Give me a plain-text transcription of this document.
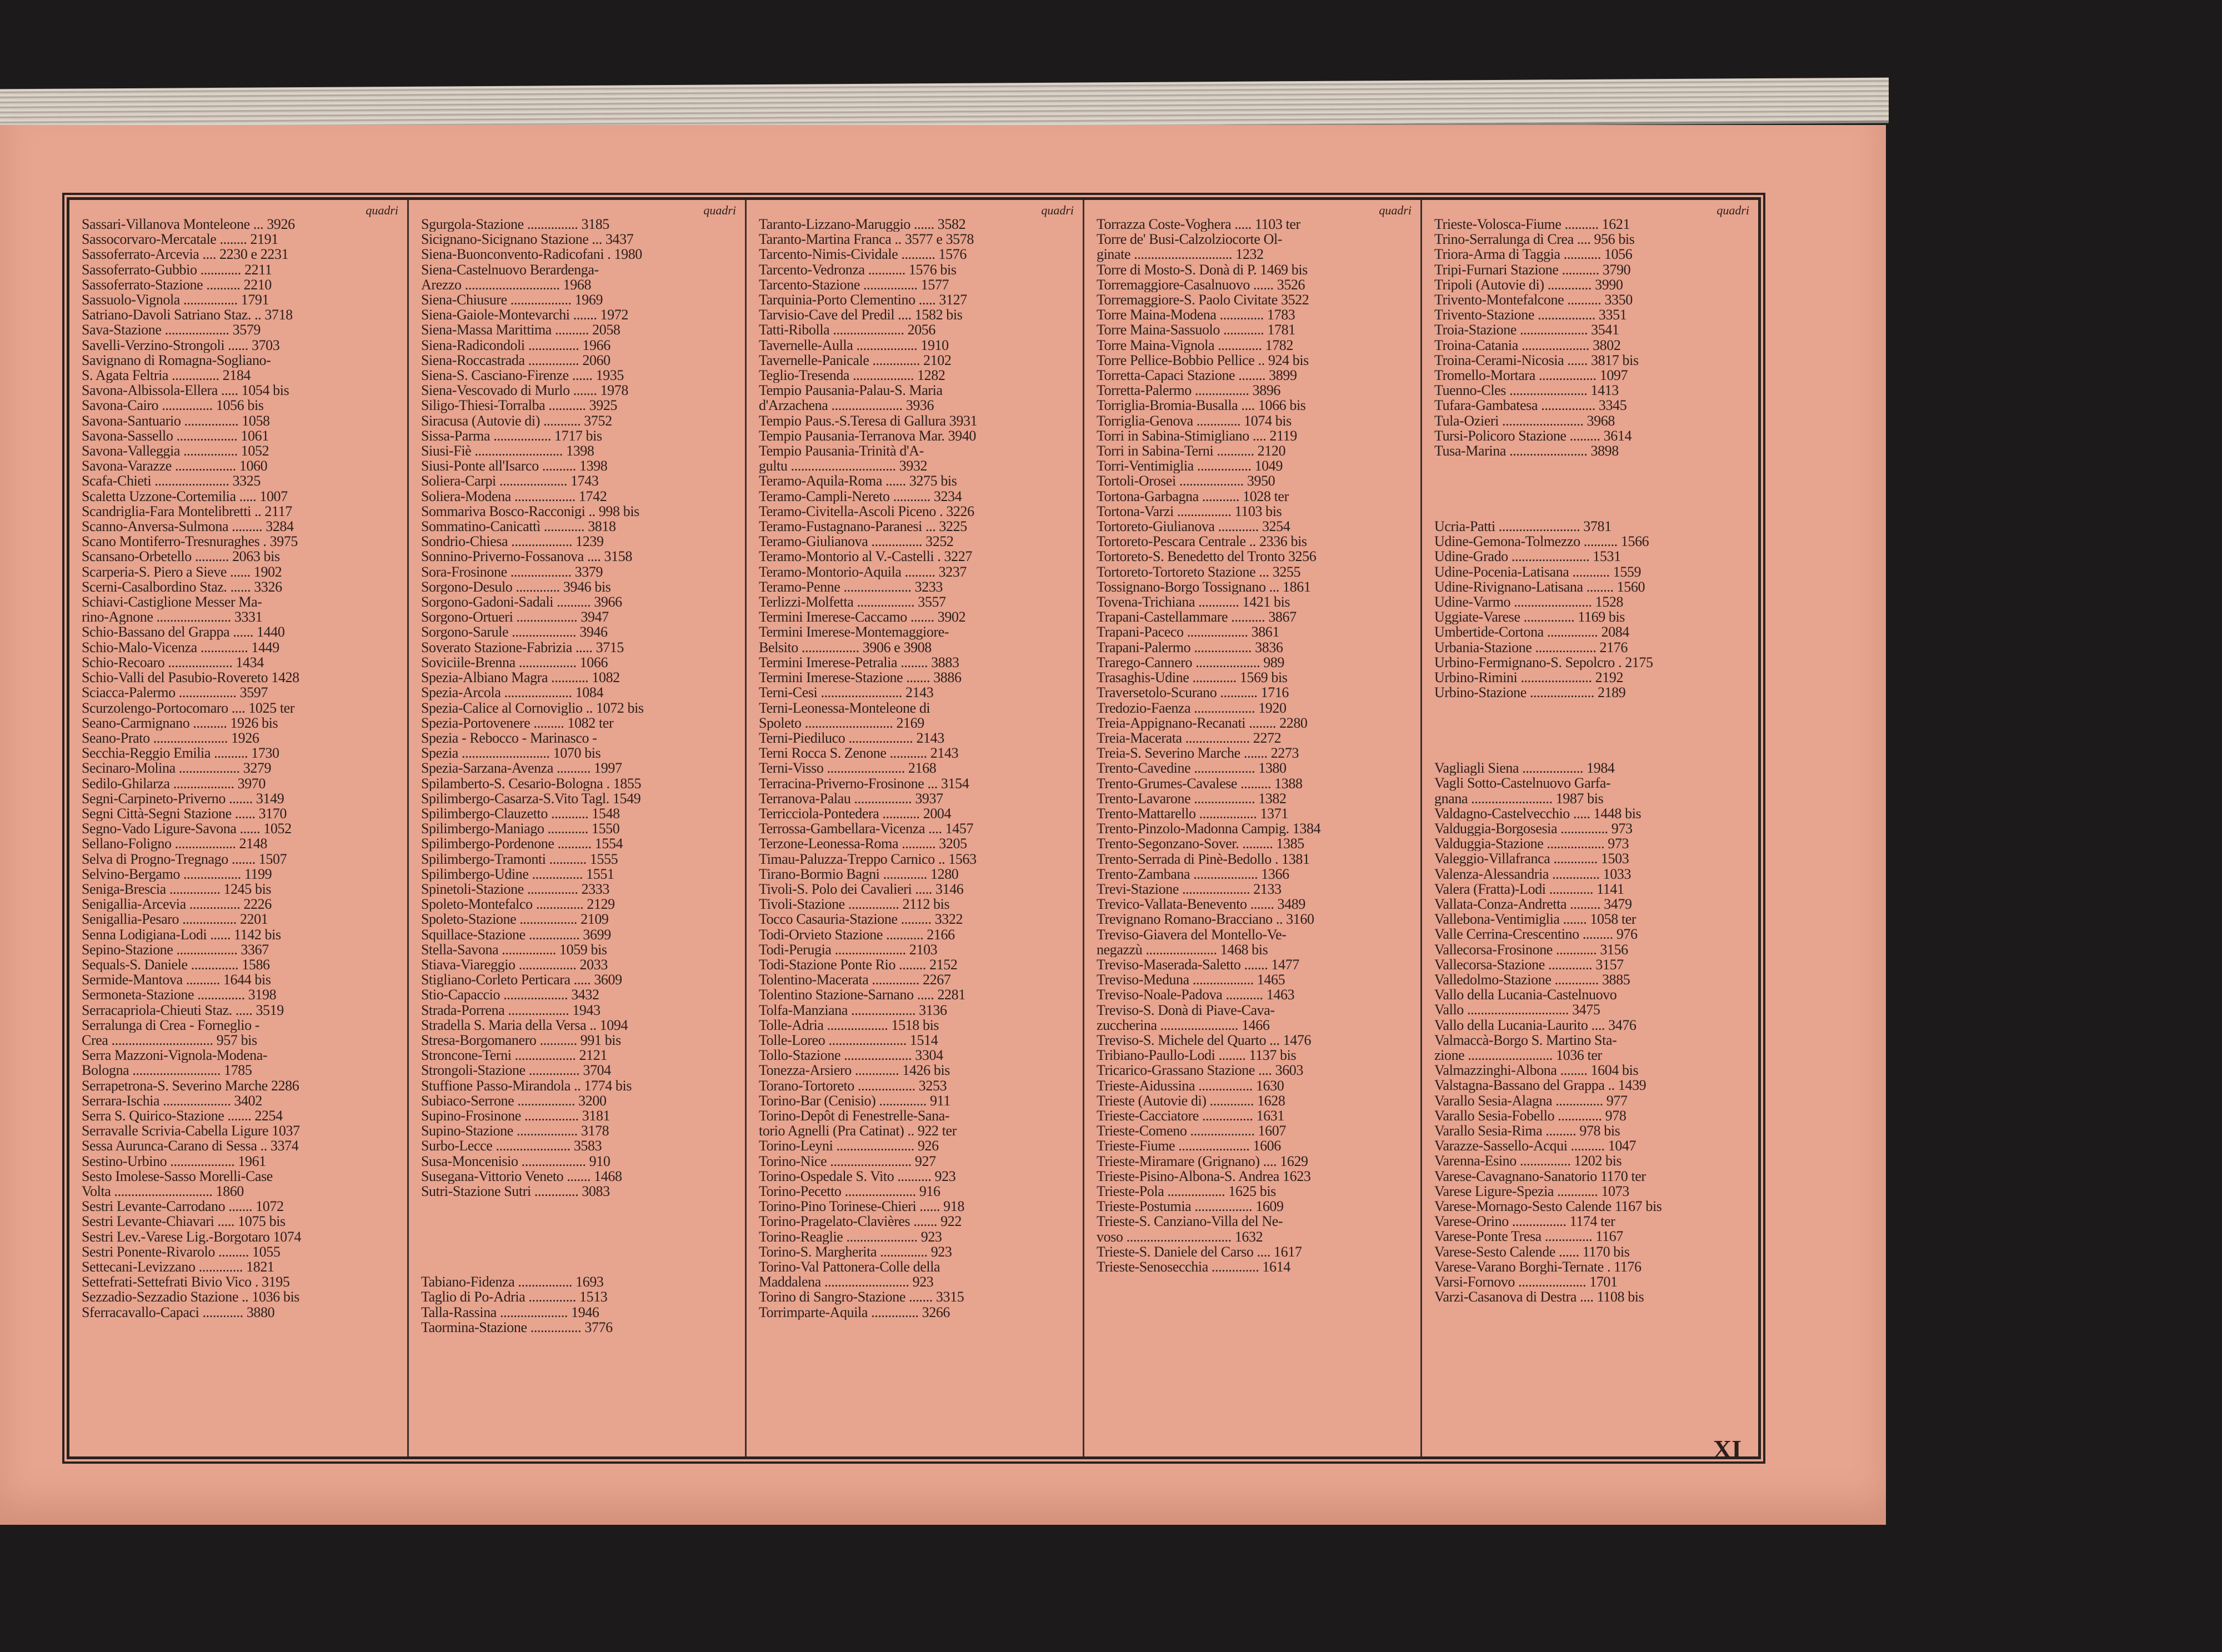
quadri
Sassari-Villanova Monteleone ... 3926
Sassocorvaro-Mercatale ........ 2191
Sassoferrato-Arcevia .... 2230 e 2231
Sassoferrato-Gubbio ............ 2211
Sassoferrato-Stazione .......... 2210
Sassuolo-Vignola ................ 1791
Satriano-Davoli Satriano Staz. .. 3718
Sava-Stazione ................... 3579
Savelli-Verzino-Strongoli ...... 3703
Savignano di Romagna-Sogliano-
S. Agata Feltria .............. 2184
Savona-Albissola-Ellera ..... 1054 bis
Savona-Cairo ............... 1056 bis
Savona-Santuario ................ 1058
Savona-Sassello .................. 1061
Savona-Valleggia ................ 1052
Savona-Varazze .................. 1060
Scafa-Chieti ...................... 3325
Scaletta Uzzone-Cortemilia ..... 1007
Scandriglia-Fara Montelibretti .. 2117
Scanno-Anversa-Sulmona ......... 3284
Scano Montiferro-Tresnuraghes . 3975
Scansano-Orbetello .......... 2063 bis
Scarperia-S. Piero a Sieve ...... 1902
Scerni-Casalbordino Staz. ...... 3326
Schiavi-Castiglione Messer Ma-
rino-Agnone ...................... 3331
Schio-Bassano del Grappa ...... 1440
Schio-Malo-Vicenza .............. 1449
Schio-Recoaro ................... 1434
Schio-Valli del Pasubio-Rovereto 1428
Sciacca-Palermo ................. 3597
Scurzolengo-Portocomaro .... 1025 ter
Seano-Carmignano .......... 1926 bis
Seano-Prato ...................... 1926
Secchia-Reggio Emilia .......... 1730
Secinaro-Molina .................. 3279
Sedilo-Ghilarza .................. 3970
Segni-Carpineto-Priverno ....... 3149
Segni Città-Segni Stazione ...... 3170
Segno-Vado Ligure-Savona ...... 1052
Sellano-Foligno .................. 2148
Selva di Progno-Tregnago ....... 1507
Selvino-Bergamo ................. 1199
Seniga-Brescia ............... 1245 bis
Senigallia-Arcevia ............... 2226
Senigallia-Pesaro ................ 2201
Senna Lodigiana-Lodi ...... 1142 bis
Sepino-Stazione .................. 3367
Sequals-S. Daniele .............. 1586
Sermide-Mantova .......... 1644 bis
Sermoneta-Stazione .............. 3198
Serracapriola-Chieuti Staz. ..... 3519
Serralunga di Crea - Forneglio -
Crea .............................. 957 bis
Serra Mazzoni-Vignola-Modena-
Bologna .......................... 1785
Serrapetrona-S. Severino Marche 2286
Serrara-Ischia .................... 3402
Serra S. Quirico-Stazione ....... 2254
Serravalle Scrivia-Cabella Ligure 1037
Sessa Aurunca-Carano di Sessa .. 3374
Sestino-Urbino ................... 1961
Sesto Imolese-Sasso Morelli-Case
Volta ............................. 1860
Sestri Levante-Carrodano ....... 1072
Sestri Levante-Chiavari ..... 1075 bis
Sestri Lev.-Varese Lig.-Borgotaro 1074
Sestri Ponente-Rivarolo ......... 1055
Settecani-Levizzano ............. 1821
Settefrati-Settefrati Bivio Vico . 3195
Sezzadio-Sezzadio Stazione .. 1036 bis
Sferracavallo-Capaci ............ 3880
quadri
Sgurgola-Stazione ............... 3185
Sicignano-Sicignano Stazione ... 3437
Siena-Buonconvento-Radicofani . 1980
Siena-Castelnuovo Berardenga-
Arezzo ............................ 1968
Siena-Chiusure .................. 1969
Siena-Gaiole-Montevarchi ....... 1972
Siena-Massa Marittima .......... 2058
Siena-Radicondoli ............... 1966
Siena-Roccastrada ............... 2060
Siena-S. Casciano-Firenze ...... 1935
Siena-Vescovado di Murlo ....... 1978
Siligo-Thiesi-Torralba ........... 3925
Siracusa (Autovie di) ........... 3752
Sissa-Parma ................. 1717 bis
Siusi-Fiè .......................... 1398
Siusi-Ponte all'Isarco .......... 1398
Soliera-Carpi .................... 1743
Soliera-Modena .................. 1742
Sommariva Bosco-Racconigi .. 998 bis
Sommatino-Canicattì ............ 3818
Sondrio-Chiesa .................. 1239
Sonnino-Priverno-Fossanova .... 3158
Sora-Frosinone .................. 3379
Sorgono-Desulo ............. 3946 bis
Sorgono-Gadoni-Sadali .......... 3966
Sorgono-Ortueri .................. 3947
Sorgono-Sarule ................... 3946
Soverato Stazione-Fabrizia ..... 3715
Soviciile-Brenna ................. 1066
Spezia-Albiano Magra ........... 1082
Spezia-Arcola .................... 1084
Spezia-Calice al Cornoviglio .. 1072 bis
Spezia-Portovenere ......... 1082 ter
Spezia - Rebocco - Marinasco -
Spezia .......................... 1070 bis
Spezia-Sarzana-Avenza .......... 1997
Spilamberto-S. Cesario-Bologna . 1855
Spilimbergo-Casarza-S.Vito Tagl. 1549
Spilimbergo-Clauzetto ........... 1548
Spilimbergo-Maniago ............ 1550
Spilimbergo-Pordenone .......... 1554
Spilimbergo-Tramonti ........... 1555
Spilimbergo-Udine ............... 1551
Spinetoli-Stazione ............... 2333
Spoleto-Montefalco .............. 2129
Spoleto-Stazione ................. 2109
Squillace-Stazione ............... 3699
Stella-Savona ................ 1059 bis
Stiava-Viareggio ................. 2033
Stigliano-Corleto Perticara ..... 3609
Stio-Capaccio ................... 3432
Strada-Porrena .................. 1943
Stradella S. Maria della Versa .. 1094
Stresa-Borgomanero ........... 991 bis
Stroncone-Terni .................. 2121
Strongoli-Stazione ............... 3704
Stuffione Passo-Mirandola .. 1774 bis
Subiaco-Serrone ................. 3200
Supino-Frosinone ................ 3181
Supino-Stazione .................. 3178
Surbo-Lecce ...................... 3583
Susa-Moncenisio ................... 910
Susegana-Vittorio Veneto ....... 1468
Sutri-Stazione Sutri ............. 3083
Tabiano-Fidenza ................ 1693
Taglio di Po-Adria .............. 1513
Talla-Rassina .................... 1946
Taormina-Stazione ............... 3776
quadri
Taranto-Lizzano-Maruggio ...... 3582
Taranto-Martina Franca .. 3577 e 3578
Tarcento-Nimis-Cividale .......... 1576
Tarcento-Vedronza ........... 1576 bis
Tarcento-Stazione ................ 1577
Tarquinia-Porto Clementino ..... 3127
Tarvisio-Cave del Predil .... 1582 bis
Tatti-Ribolla ..................... 2056
Tavernelle-Aulla .................. 1910
Tavernelle-Panicale .............. 2102
Teglio-Tresenda .................. 1282
Tempio Pausania-Palau-S. Maria
d'Arzachena ..................... 3936
Tempio Paus.-S.Teresa di Gallura 3931
Tempio Pausania-Terranova Mar. 3940
Tempio Pausania-Trinità d'A-
gultu ............................... 3932
Teramo-Aquila-Roma ...... 3275 bis
Teramo-Campli-Nereto ........... 3234
Teramo-Civitella-Ascoli Piceno . 3226
Teramo-Fustagnano-Paranesi ... 3225
Teramo-Giulianova ............... 3252
Teramo-Montorio al V.-Castelli . 3227
Teramo-Montorio-Aquila ......... 3237
Teramo-Penne .................... 3233
Terlizzi-Molfetta ................. 3557
Termini Imerese-Caccamo ....... 3902
Termini Imerese-Montemaggiore-
Belsito ................. 3906 e 3908
Termini Imerese-Petralia ........ 3883
Termini Imerese-Stazione ....... 3886
Terni-Cesi ........................ 2143
Terni-Leonessa-Monteleone di
Spoleto .......................... 2169
Terni-Piediluco ................... 2143
Terni Rocca S. Zenone ........... 2143
Terni-Visso ....................... 2168
Terracina-Priverno-Frosinone ... 3154
Terranova-Palau ................. 3937
Terricciola-Pontedera ........... 2004
Terrossa-Gambellara-Vicenza .... 1457
Terzone-Leonessa-Roma .......... 3205
Timau-Paluzza-Treppo Carnico .. 1563
Tirano-Bormio Bagni ............. 1280
Tivoli-S. Polo dei Cavalieri ..... 3146
Tivoli-Stazione ............... 2112 bis
Tocco Casauria-Stazione ......... 3322
Todi-Orvieto Stazione ........... 2166
Todi-Perugia ..................... 2103
Todi-Stazione Ponte Rio ........ 2152
Tolentino-Macerata .............. 2267
Tolentino Stazione-Sarnano ..... 2281
Tolfa-Manziana ................... 3136
Tolle-Adria .................. 1518 bis
Tolle-Loreo ....................... 1514
Tollo-Stazione .................... 3304
Tonezza-Arsiero ............. 1426 bis
Torano-Tortoreto ................. 3253
Torino-Bar (Cenisio) .............. 911
Torino-Depôt di Fenestrelle-Sana-
torio Agnelli (Pra Catinat) .. 922 ter
Torino-Leyni ....................... 926
Torino-Nice ........................ 927
Torino-Ospedale S. Vito .......... 923
Torino-Pecetto ..................... 916
Torino-Pino Torinese-Chieri ...... 918
Torino-Pragelato-Clavières ....... 922
Torino-Reaglie ..................... 923
Torino-S. Margherita .............. 923
Torino-Val Pattonera-Colle della
Maddalena ......................... 923
Torino di Sangro-Stazione ....... 3315
Torrimparte-Aquila .............. 3266
quadri
Torrazza Coste-Voghera ..... 1103 ter
Torre de' Busi-Calzolziocorte Ol-
ginate ............................. 1232
Torre di Mosto-S. Donà di P. 1469 bis
Torremaggiore-Casalnuovo ...... 3526
Torremaggiore-S. Paolo Civitate 3522
Torre Maina-Modena ............. 1783
Torre Maina-Sassuolo ............ 1781
Torre Maina-Vignola ............. 1782
Torre Pellice-Bobbio Pellice .. 924 bis
Torretta-Capaci Stazione ........ 3899
Torretta-Palermo ................ 3896
Torriglia-Bromia-Busalla .... 1066 bis
Torriglia-Genova ............. 1074 bis
Torri in Sabina-Stimigliano .... 2119
Torri in Sabina-Terni ........... 2120
Torri-Ventimiglia ................ 1049
Tortoli-Orosei ................... 3950
Tortona-Garbagna ........... 1028 ter
Tortona-Varzi ................ 1103 bis
Tortoreto-Giulianova ............ 3254
Tortoreto-Pescara Centrale .. 2336 bis
Tortoreto-S. Benedetto del Tronto 3256
Tortoreto-Tortoreto Stazione ... 3255
Tossignano-Borgo Tossignano ... 1861
Tovena-Trichiana ............ 1421 bis
Trapani-Castellammare .......... 3867
Trapani-Paceco .................. 3861
Trapani-Palermo ................. 3836
Trarego-Cannero ................... 989
Trasaghis-Udine ............. 1569 bis
Traversetolo-Scurano ........... 1716
Tredozio-Faenza .................. 1920
Treia-Appignano-Recanati ........ 2280
Treia-Macerata ................... 2272
Treia-S. Severino Marche ....... 2273
Trento-Cavedine .................. 1380
Trento-Grumes-Cavalese ......... 1388
Trento-Lavarone .................. 1382
Trento-Mattarello ................. 1371
Trento-Pinzolo-Madonna Campig. 1384
Trento-Segonzano-Sover. ......... 1385
Trento-Serrada di Pinè-Bedollo . 1381
Trento-Zambana ................... 1366
Trevi-Stazione .................... 2133
Trevico-Vallata-Benevento ....... 3489
Trevignano Romano-Bracciano .. 3160
Treviso-Giavera del Montello-Ve-
negazzù ..................... 1468 bis
Treviso-Maserada-Saletto ....... 1477
Treviso-Meduna .................. 1465
Treviso-Noale-Padova ........... 1463
Treviso-S. Donà di Piave-Cava-
zuccherina ....................... 1466
Treviso-S. Michele del Quarto ... 1476
Tribiano-Paullo-Lodi ........ 1137 bis
Tricarico-Grassano Stazione .... 3603
Trieste-Aidussina ................ 1630
Trieste (Autovie di) ............. 1628
Trieste-Cacciatore ............... 1631
Trieste-Comeno ................... 1607
Trieste-Fiume ..................... 1606
Trieste-Miramare (Grignano) .... 1629
Trieste-Pisino-Albona-S. Andrea 1623
Trieste-Pola ................. 1625 bis
Trieste-Postumia ................. 1609
Trieste-S. Canziano-Villa del Ne-
voso ............................... 1632
Trieste-S. Daniele del Carso .... 1617
Trieste-Senosecchia .............. 1614
quadri
Trieste-Volosca-Fiume .......... 1621
Trino-Serralunga di Crea .... 956 bis
Triora-Arma di Taggia ........... 1056
Tripi-Furnari Stazione ........... 3790
Tripoli (Autovie di) ............. 3990
Trivento-Montefalcone .......... 3350
Trivento-Stazione ................. 3351
Troia-Stazione .................... 3541
Troina-Catania .................... 3802
Troina-Cerami-Nicosia ...... 3817 bis
Tromello-Mortara ................. 1097
Tuenno-Cles ....................... 1413
Tufara-Gambatesa ................ 3345
Tula-Ozieri ........................ 3968
Tursi-Policoro Stazione ......... 3614
Tusa-Marina ....................... 3898
Ucria-Patti ........................ 3781
Udine-Gemona-Tolmezzo .......... 1566
Udine-Grado ....................... 1531
Udine-Pocenia-Latisana ........... 1559
Udine-Rivignano-Latisana ........ 1560
Udine-Varmo ....................... 1528
Uggiate-Varese ............... 1169 bis
Umbertide-Cortona ............... 2084
Urbania-Stazione .................. 2176
Urbino-Fermignano-S. Sepolcro . 2175
Urbino-Rimini ..................... 2192
Urbino-Stazione ................... 2189
Vagliagli Siena .................. 1984
Vagli Sotto-Castelnuovo Garfa-
gnana ........................ 1987 bis
Valdagno-Castelvecchio ..... 1448 bis
Valduggia-Borgosesia .............. 973
Valduggia-Stazione ................. 973
Valeggio-Villafranca ............. 1503
Valenza-Alessandria .............. 1033
Valera (Fratta)-Lodi ............. 1141
Vallata-Conza-Andretta ......... 3479
Vallebona-Ventimiglia ....... 1058 ter
Valle Cerrina-Crescentino ......... 976
Vallecorsa-Frosinone ............ 3156
Vallecorsa-Stazione ............. 3157
Valledolmo-Stazione ............. 3885
Vallo della Lucania-Castelnuovo
Vallo .............................. 3475
Vallo della Lucania-Laurito .... 3476
Valmaccà-Borgo S. Martino Sta-
zione ......................... 1036 ter
Valmazzinghi-Albona ........ 1604 bis
Valstagna-Bassano del Grappa .. 1439
Varallo Sesia-Alagna .............. 977
Varallo Sesia-Fobello ............. 978
Varallo Sesia-Rima ......... 978 bis
Varazze-Sassello-Acqui .......... 1047
Varenna-Esino ............... 1202 bis
Varese-Cavagnano-Sanatorio 1170 ter
Varese Ligure-Spezia ............ 1073
Varese-Mornago-Sesto Calende 1167 bis
Varese-Orino ................ 1174 ter
Varese-Ponte Tresa .............. 1167
Varese-Sesto Calende ...... 1170 bis
Varese-Varano Borghi-Ternate . 1176
Varsi-Fornovo .................... 1701
Varzi-Casanova di Destra .... 1108 bis
XI
